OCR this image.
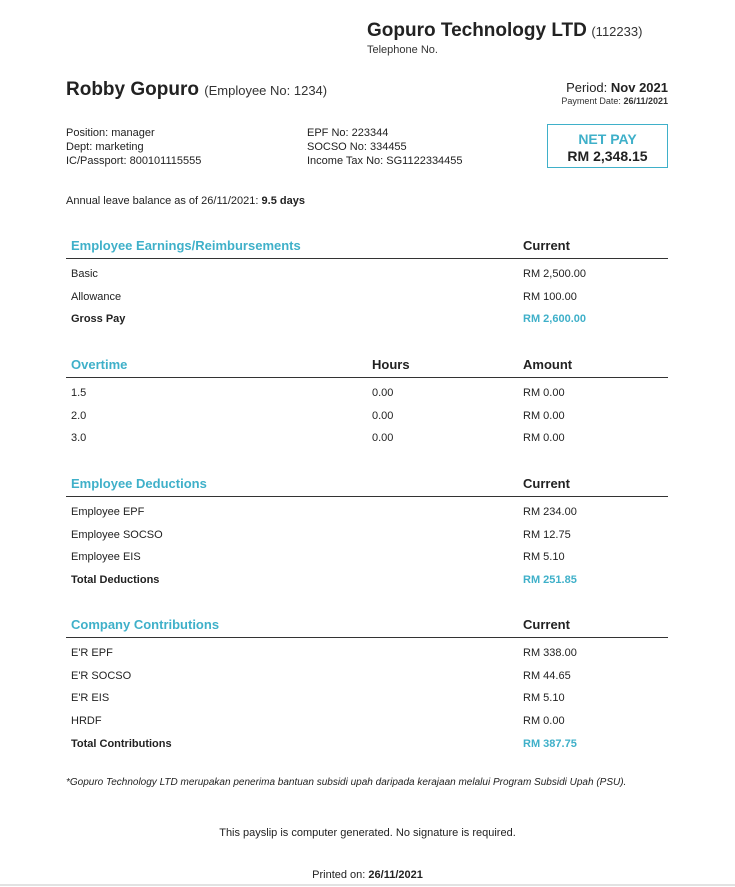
Gopuro Technology LTD (112233)
Telephone No.
Robby Gopuro (Employee No: 1234)	Period: Nov 2021
Payment Date: 26/11/2021
Position: manager
Dept: marketing
IC/Passport: 800101115555
EPF No: 223344
SOCSO No: 334455
Income Tax No: SG1122334455
NET PAY
RM 2,348.15
Annual leave balance as of 26/11/2021: 9.5 days
Employee Earnings/Reimbursements	Current
Basic	RM 2,500.00
Allowance	RM 100.00
Gross Pay	RM 2,600.00
Overtime	Hours	Amount
1.5	0.00	RM 0.00
2.0	0.00	RM 0.00
3.0	0.00	RM 0.00
Employee Deductions	Current
Employee EPF	RM 234.00
Employee SOCSO	RM 12.75
Employee EIS	RM 5.10
Total Deductions	RM 251.85
Company Contributions	Current
E'R EPF	RM 338.00
E'R SOCSO	RM 44.65
E'R EIS	RM 5.10
HRDF	RM 0.00
Total Contributions	RM 387.75
*Gopuro Technology LTD merupakan penerima bantuan subsidi upah daripada kerajaan melalui Program Subsidi Upah (PSU).
This payslip is computer generated. No signature is required.
Printed on: 26/11/2021
